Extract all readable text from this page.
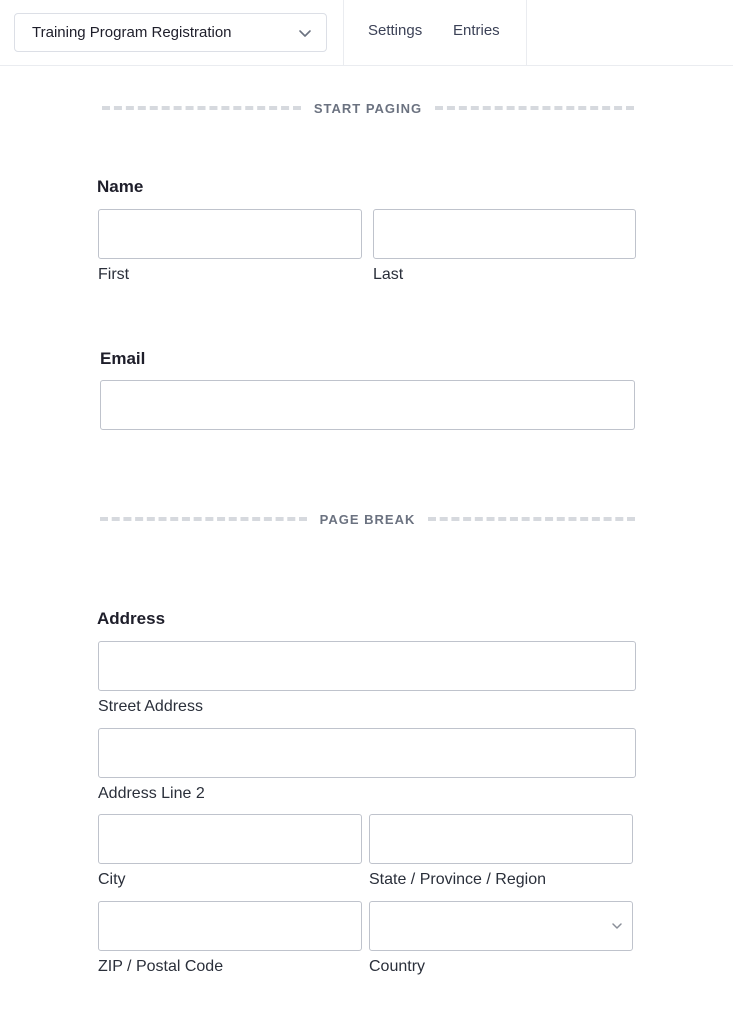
Training Program Registration	Settings Entries
START PAGING
Name
First	Last
Email
PAGE BREAK
Address
Street Address
Address Line 2
City	State / Province / Region
ZIP / Postal Code	Country
